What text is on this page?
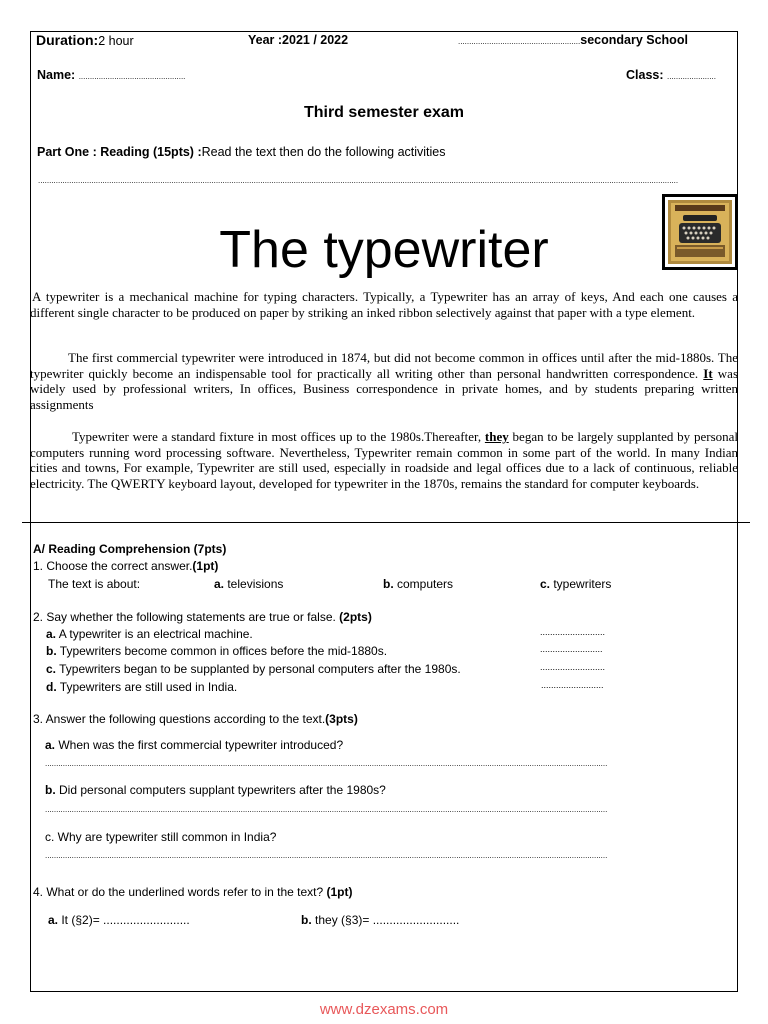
Duration:2 hour	Year :2021 / 2022	.......................................................secondary School
Name: ................................................	Class: ......................
Third semester exam
Part One : Reading (15pts) :Read the text then do the following activities
................................................................................................................................................................................................................................................................................................
The typewriter
A typewriter is a mechanical machine for typing characters. Typically, a Typewriter has an array of keys, And each one causes a different single character to be produced on paper by striking an inked ribbon selectively against that paper with a type element.
The first commercial typewriter were introduced in 1874, but did not become common in offices until after the mid-1880s. The typewriter quickly become an indispensable tool for practically all writing other than personal handwritten correspondence. It was widely used by professional writers, In offices, Business correspondence in private homes, and by students preparing written assignments
Typewriter were a standard fixture in most offices up to the 1980s.Thereafter, they began to be largely supplanted by personal computers running word processing software. Nevertheless, Typewriter remain common in some part of the world. In many Indian cities and towns, For example, Typewriter are still used, especially in roadside and legal offices due to a lack of continuous, reliable electricity. The QWERTY keyboard layout, developed for typewriter in the 1870s, remains the standard for computer keyboards.
A/ Reading Comprehension (7pts)
1. Choose the correct answer.(1pt)
The text is about:	a. televisions	b. computers	c. typewriters
2. Say whether the following statements are true or false. (2pts)
a. A typewriter is an electrical machine.	..........................
b. Typewriters become common in offices before the mid-1880s.	.........................
c. Typewriters began to be supplanted by personal computers after the 1980s.	..........................
d. Typewriters are still used in India.	.........................
3. Answer the following questions according to the text.(3pts)
a. When was the first commercial typewriter introduced?
.............................................................................................................................................................................................................................................................
b. Did personal computers supplant typewriters after the 1980s?
.............................................................................................................................................................................................................................................................
c. Why are typewriter still common in India?
.............................................................................................................................................................................................................................................................
4. What or do the underlined words refer to in the text? (1pt)
a. It (§2)= ..........................	b. they (§3)= ..........................
www.dzexams.com
